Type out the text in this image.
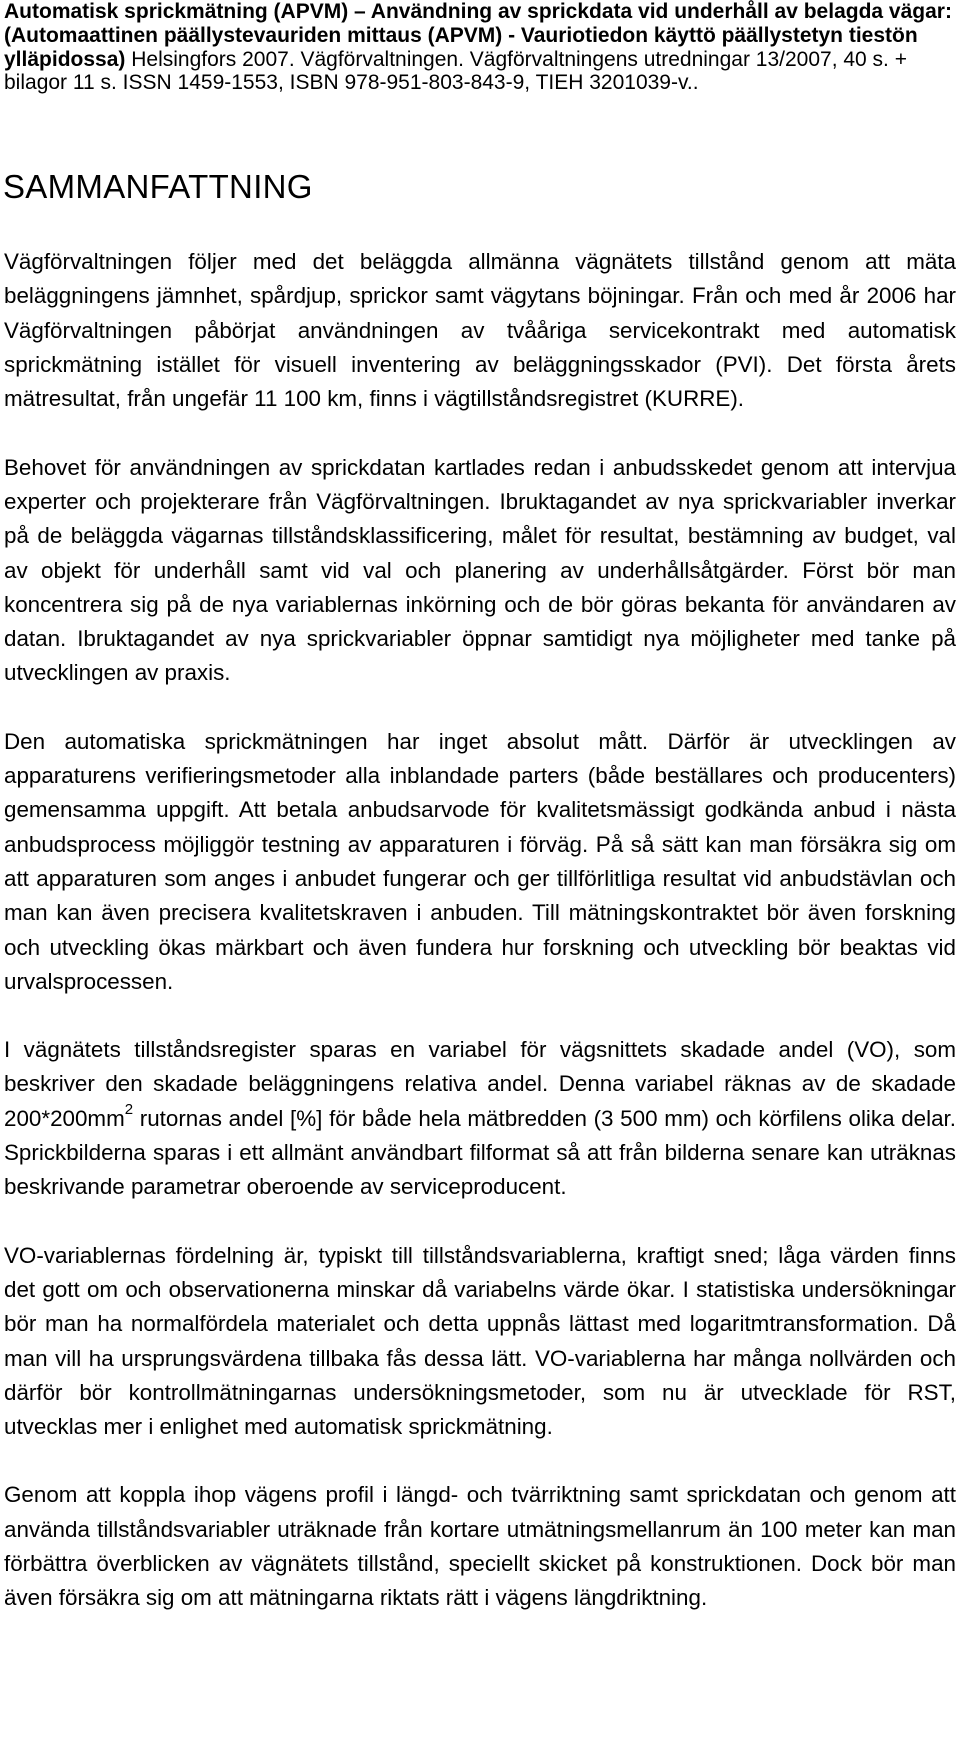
Automatisk sprickmätning (APVM) – Användning av sprickdata vid underhåll av belagda vägar: (Automaattinen päällystevauriden mittaus (APVM) - Vauriotiedon käyttö päällystetyn tiestön ylläpidossa) Helsingfors 2007. Vägförvaltningen. Vägförvaltningens utredningar 13/2007, 40 s. + bilagor 11 s. ISSN 1459-1553, ISBN 978-951-803-843-9, TIEH 3201039-v..

SAMMANFATTNING

Vägförvaltningen följer med det beläggda allmänna vägnätets tillstånd genom att mäta beläggningens jämnhet, spårdjup, sprickor samt vägytans böjningar. Från och med år 2006 har Vägförvaltningen påbörjat användningen av tvååriga servicekontrakt med automatisk sprickmätning istället för visuell inventering av beläggningsskador (PVI). Det första årets mätresultat, från ungefär 11 100 km, finns i vägtillståndsregistret (KURRE).

Behovet för användningen av sprickdatan kartlades redan i anbudsskedet genom att intervjua experter och projekterare från Vägförvaltningen. Ibruktagandet av nya sprickvariabler inverkar på de beläggda vägarnas tillståndsklassificering, målet för resultat, bestämning av budget, val av objekt för underhåll samt vid val och planering av underhållsåtgärder. Först bör man koncentrera sig på de nya variablernas inkörning och de bör göras bekanta för användaren av datan. Ibruktagandet av nya sprickvariabler öppnar samtidigt nya möjligheter med tanke på utvecklingen av praxis.

Den automatiska sprickmätningen har inget absolut mått. Därför är utvecklingen av apparaturens verifieringsmetoder alla inblandade parters (både beställares och producenters) gemensamma uppgift. Att betala anbudsarvode för kvalitetsmässigt godkända anbud i nästa anbudsprocess möjliggör testning av apparaturen i förväg. På så sätt kan man försäkra sig om att apparaturen som anges i anbudet fungerar och ger tillförlitliga resultat vid anbudstävlan och man kan även precisera kvalitetskraven i anbuden. Till mätningskontraktet bör även forskning och utveckling ökas märkbart och även fundera hur forskning och utveckling bör beaktas vid urvalsprocessen.

I vägnätets tillståndsregister sparas en variabel för vägsnittets skadade andel (VO), som beskriver den skadade beläggningens relativa andel. Denna variabel räknas av de skadade $200*200mm^2$ rutornas andel [%] för både hela mätbredden (3 500 mm) och körfilens olika delar. Sprickbilderna sparas i ett allmänt användbart filformat så att från bilderna senare kan uträknas beskrivande parametrar oberoende av serviceproducent.

VO-variablernas fördelning är, typiskt till tillståndsvariablerna, kraftigt sned; låga värden finns det gott om och observationerna minskar då variabelns värde ökar. I statistiska undersökningar bör man ha normalfördela materialet och detta uppnås lättast med logaritmtransformation. Då man vill ha ursprungsvärdena tillbaka fås dessa lätt. VO-variablerna har många nollvärden och därför bör kontrollmätningarnas undersökningsmetoder, som nu är utvecklade för RST, utvecklas mer i enlighet med automatisk sprickmätning.

Genom att koppla ihop vägens profil i längd- och tvärriktning samt sprickdatan och genom att använda tillståndsvariabler uträknade från kortare utmätningsmellanrum än 100 meter kan man förbättra överblicken av vägnätets tillstånd, speciellt skicket på konstruktionen. Dock bör man även försäkra sig om att mätningarna riktats rätt i vägens längdriktning.
